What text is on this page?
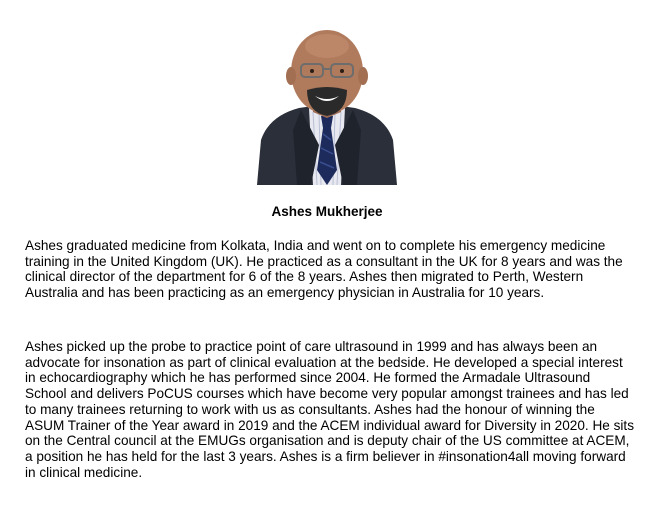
Ashes Mukherjee

Ashes graduated medicine from Kolkata, India and went on to complete his emergency medicine training in the United Kingdom (UK). He practiced as a consultant in the UK for 8 years and was the clinical director of the department for 6 of the 8 years. Ashes then migrated to Perth, Western Australia and has been practicing as an emergency physician in Australia for 10 years.

Ashes picked up the probe to practice point of care ultrasound in 1999 and has always been an advocate for insonation as part of clinical evaluation at the bedside. He developed a special interest in echocardiography which he has performed since 2004. He formed the Armadale Ultrasound School and delivers PoCUS courses which have become very popular amongst trainees and has led to many trainees returning to work with us as consultants. Ashes had the honour of winning the ASUM Trainer of the Year award in 2019 and the ACEM individual award for Diversity in 2020. He sits on the Central council at the EMUGs organisation and is deputy chair of the US committee at ACEM, a position he has held for the last 3 years. Ashes is a firm believer in #insonation4all moving forward in clinical medicine.
